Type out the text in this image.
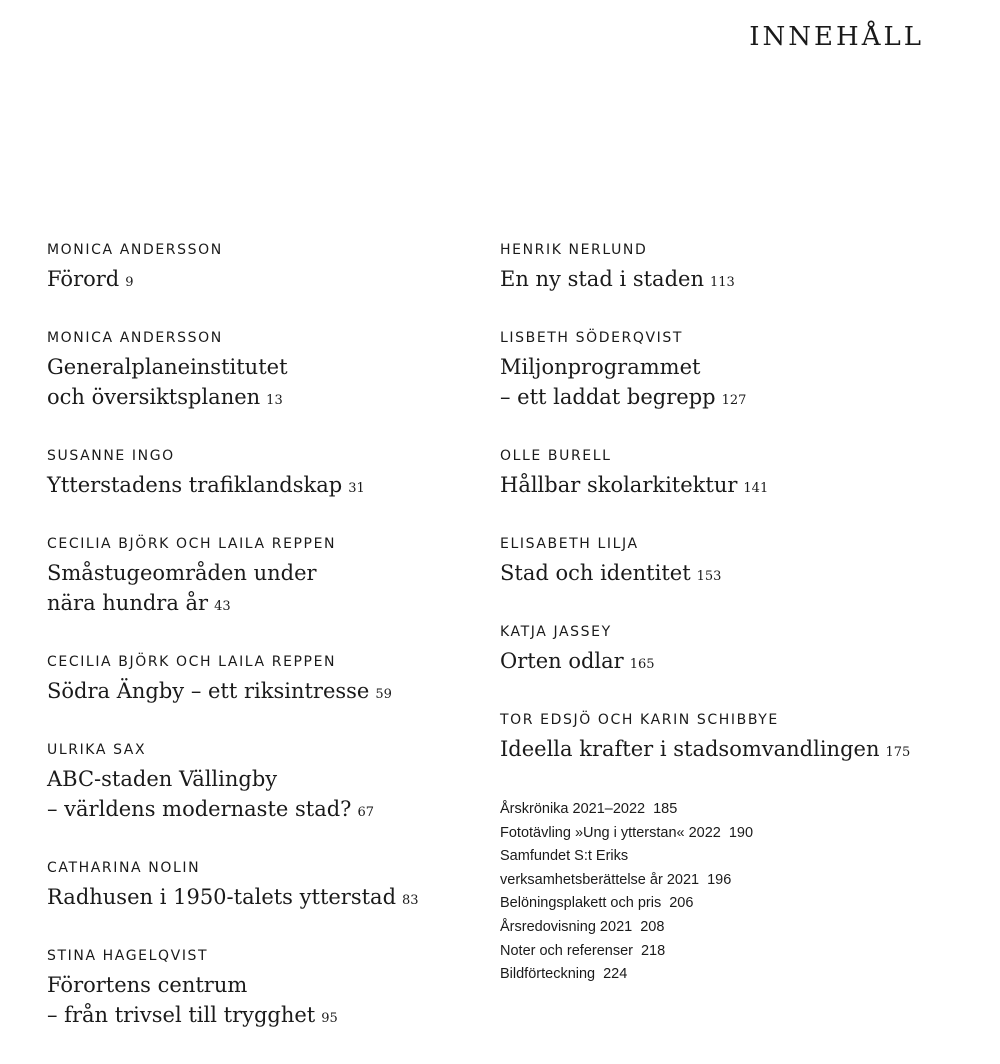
INNEHÅLL
MONICA ANDERSSON
Förord 9
MONICA ANDERSSON
Generalplaneinstitutet
och översiktsplanen 13
SUSANNE INGO
Ytterstadens trafiklandskap 31
CECILIA BJÖRK OCH LAILA REPPEN
Småstugeområden under
nära hundra år 43
CECILIA BJÖRK OCH LAILA REPPEN
Södra Ängby – ett riksintresse 59
ULRIKA SAX
ABC-staden Vällingby
– världens modernaste stad? 67
CATHARINA NOLIN
Radhusen i 1950-talets ytterstad 83
STINA HAGELQVIST
Förortens centrum
– från trivsel till trygghet 95
HENRIK NERLUND
En ny stad i staden 113
LISBETH SÖDERQVIST
Miljonprogrammet
– ett laddat begrepp 127
OLLE BURELL
Hållbar skolarkitektur 141
ELISABETH LILJA
Stad och identitet 153
KATJA JASSEY
Orten odlar 165
TOR EDSJÖ OCH KARIN SCHIBBYE
Ideella krafter i stadsomvandlingen 175
Årskrönika 2021–2022 185
Fototävling »Ung i ytterstan« 2022 190
Samfundet S:t Eriks
verksamhetsberättelse år 2021 196
Belöningsplakett och pris 206
Årsredovisning 2021 208
Noter och referenser 218
Bildförteckning 224
